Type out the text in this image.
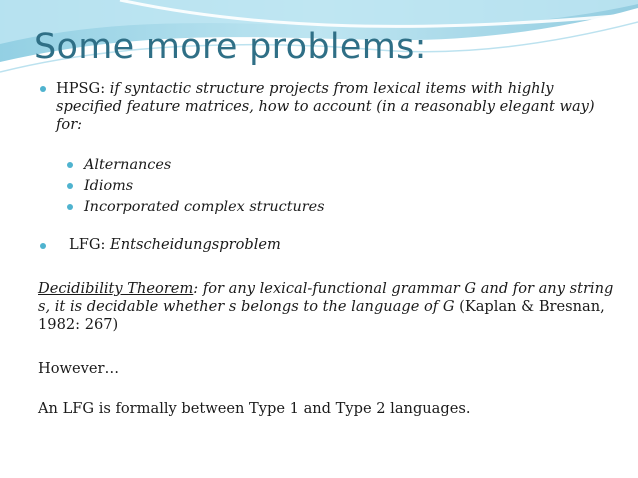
Some more problems:
HPSG: if syntactic structure projects from lexical items with highly specified feature matrices, how to account (in a reasonably elegant way) for:
Alternances
Idioms
Incorporated complex structures
LFG: Entscheidungsproblem
Decidibility Theorem: for any lexical-functional grammar G and for any string s, it is decidable whether s belongs to the language of G (Kaplan & Bresnan, 1982: 267)
However…
An LFG is formally between Type 1 and Type 2 languages.
